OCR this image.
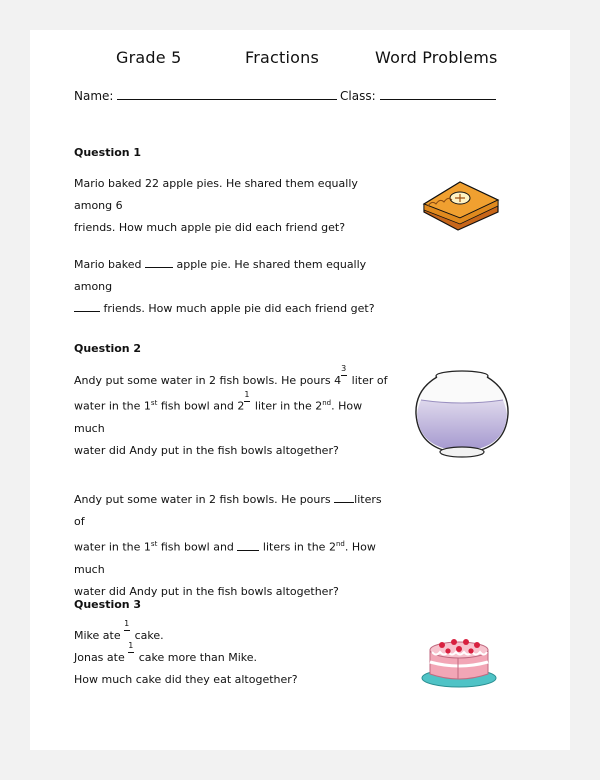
Grade 5	Fractions	Word Problems
Name:	Class:
Question 1
Mario baked 22 apple pies. He shared them equally among 6
friends. How much apple pie did each friend get?
Mario baked	apple pie. He shared them equally among
friends. How much apple pie did each friend get?
Question 2
Andy put some water in 2 fish bowls. He pours 4
3
liter of
water in the 1st fish bowl and 2
1
liter in the 2nd. How much
water did Andy put in the fish bowls altogether?
Andy put some water in 2 fish bowls. He pours liters of
water in the 1st fish bowl and	liters in the 2nd. How much
water did Andy put in the fish bowls altogether?
Question 3
Mike ate
1
cake.
Jonas ate
1
cake more than Mike.
How much cake did they eat altogether?
